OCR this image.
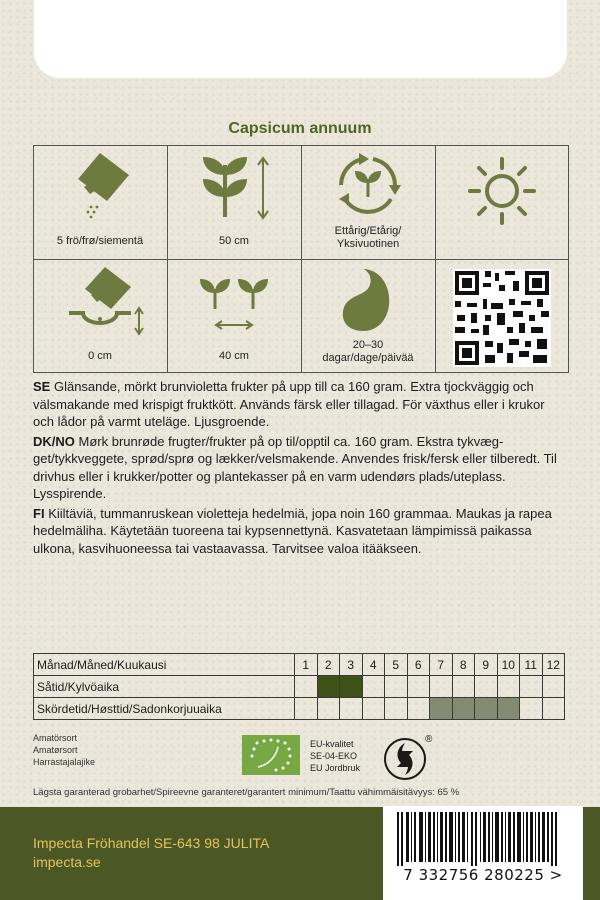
Capsicum annuum
5 frö/frø/siementä	50 cm
Ettårig/Etårig/
Yksivuotinen
0 cm	40 cm
20–30
dagar/dage/päivää

SE Glänsande, mörkt brunvioletta frukter på upp till ca 160 gram. Extra tjockväggig och välsmakande med krispigt fruktkött. Används färsk eller tillagad. För växthus eller i krukor och lådor på varmt uteläge. Ljusgroende.

DK/NO Mørk brunrøde frugter/frukter på op til/opptil ca. 160 gram. Ekstra tykvæg-get/tykkveggete, sprød/sprø og lækker/velsmakende. Anvendes frisk/fersk eller tilberedt. Til drivhus eller i krukker/potter og plantekasser på en varm udendørs plads/uteplass. Lysspirende.

FI Kiiltäviä, tummanruskean violetteja hedelmiä, jopa noin 160 grammaa. Maukas ja rapea hedelmäliha. Käytetään tuoreena tai kypsennettynä. Kasvatetaan lämpimissä paikassa ulkona, kasvihuoneessa tai vastaavassa. Tarvitsee valoa itääkseen.

Månad/Måned/Kuukausi	1	2	3	4	5	6	7	8	9	10	11	12
Såtid/Kylvöaika												
Skördetid/Høsttid/Sadonkorjuuaika												
Amatörsort
Amatørsort
Harrastajalajike
EU-kvalitet
SE-04-EKO
EU Jordbruk
®
Lägsta garanterad grobarhet/Spireevne garanteret/garantert minimum/Taattu vähimmäisitävyys: 65 %
Impecta Fröhandel SE-643 98 JULITA
impecta.se
7 332756 280225 >
